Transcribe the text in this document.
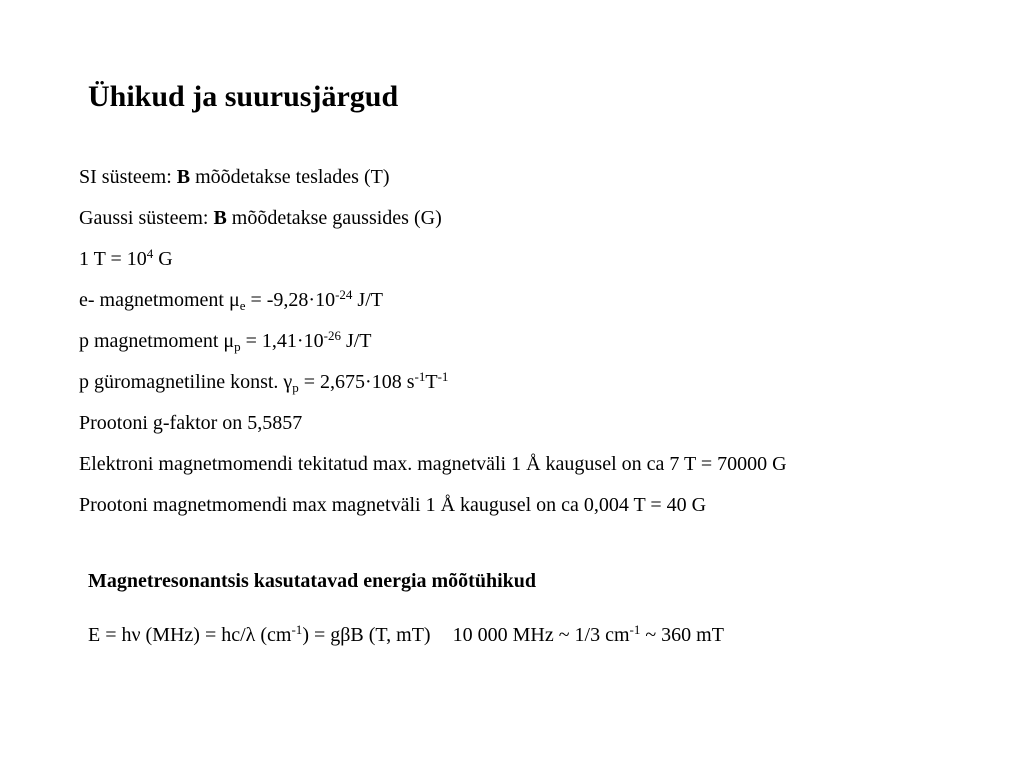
Ühikud ja suurusjärgud
SI süsteem: B mõõdetakse teslades (T)
Gaussi süsteem: B mõõdetakse gaussides (G)
1 $T = 10^4$ G
e- magnetmoment $\mu_e = -9,28\cdot 10^{-24}$ J/T
p magnetmoment $\mu_p = 1,41\cdot 10^{-26}$ J/T
p güromagnetiline konst. $\gamma_p = 2,675\cdot 108$ $s^{-1}T^{-1}$
Prootoni g-faktor on 5,5857
Elektroni magnetmomendi tekitatud max. magnetväli 1 Å kaugusel on ca 7 T = 70000 G
Prootoni magnetmomendi max magnetväli 1 Å kaugusel on ca 0,004 T = 40 G
Magnetresonantsis kasutatavad energia mõõtühikud
E = hν (MHz) = hc/λ $(cm^{-1}) = g\beta B$ (T, mT) 10 000 MHz ~ 1/3 $cm^{-1}$ ~ 360 mT
